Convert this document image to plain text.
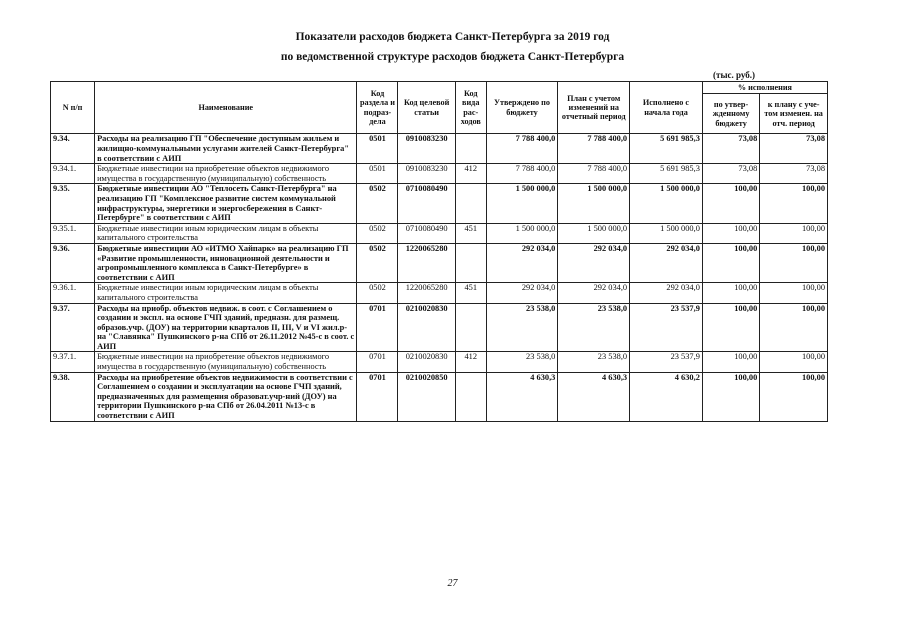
Показатели расходов бюджета Санкт-Петербурга за 2019 год
по ведомственной структуре расходов бюджета Санкт-Петербурга
(тыс. руб.)
N п/п	Наименование	Код раздела и подраз-дела	Код целевой статьи	Код вида рас-ходов	Утверждено по бюджету	План с учетом изменений на отчетный период	Исполнено с начала года	% исполнения	
								по утвер-жденному бюджету	к плану с уче-том изменен. на отч. период
9.34.	Расходы на реализацию ГП "Обеспечение доступным жильем и жилищно-коммунальными услугами жителей Санкт-Петербурга" в соответствии с АИП	0501	0910083230		7 788 400,0	7 788 400,0	5 691 985,3	73,08	73,08
9.34.1.	Бюджетные инвестиции на приобретение объектов недвижимого имущества в государственную (муниципальную) собственность	0501	0910083230	412	7 788 400,0	7 788 400,0	5 691 985,3	73,08	73,08
9.35.	Бюджетные инвестиции АО "Теплосеть Санкт-Петербурга" на реализацию ГП "Комплексное развитие систем коммунальной инфраструктуры, энергетики и энергосбережения в Санкт-Петербурге" в соответствии с АИП	0502	0710080490		1 500 000,0	1 500 000,0	1 500 000,0	100,00	100,00
9.35.1.	Бюджетные инвестиции иным юридическим лицам в объекты капитального строительства	0502	0710080490	451	1 500 000,0	1 500 000,0	1 500 000,0	100,00	100,00
9.36.	Бюджетные инвестиции АО «ИТМО Хайпарк» на реализацию ГП «Развитие промышленности, инновационной деятельности и агропромышленного комплекса в Санкт-Петербурге» в соответствии с АИП	0502	1220065280		292 034,0	292 034,0	292 034,0	100,00	100,00
9.36.1.	Бюджетные инвестиции иным юридическим лицам в объекты капитального строительства	0502	1220065280	451	292 034,0	292 034,0	292 034,0	100,00	100,00
9.37.	Расходы на приобр. объектов недвиж. в соот. с Соглашением о создании и экспл. на основе ГЧП зданий, предназн. для размещ. образов.учр. (ДОУ) на территории кварталов II, III, V и VI жил.р-на "Славянка" Пушкинского р-на СПб от 26.11.2012 №45-с в соот. с АИП	0701	0210020830		23 538,0	23 538,0	23 537,9	100,00	100,00
9.37.1.	Бюджетные инвестиции на приобретение объектов недвижимого имущества в государственную (муниципальную) собственность	0701	0210020830	412	23 538,0	23 538,0	23 537,9	100,00	100,00
9.38.	Расходы на приобретение объектов недвижимости в соответствии с Соглашением о создании и эксплуатации на основе ГЧП зданий, предназначенных для размещения образоват.учр-ний (ДОУ) на территории Пушкинского р-на СПб от 26.04.2011 №13-с в соответствии с АИП	0701	0210020850		4 630,3	4 630,3	4 630,2	100,00	100,00
27
